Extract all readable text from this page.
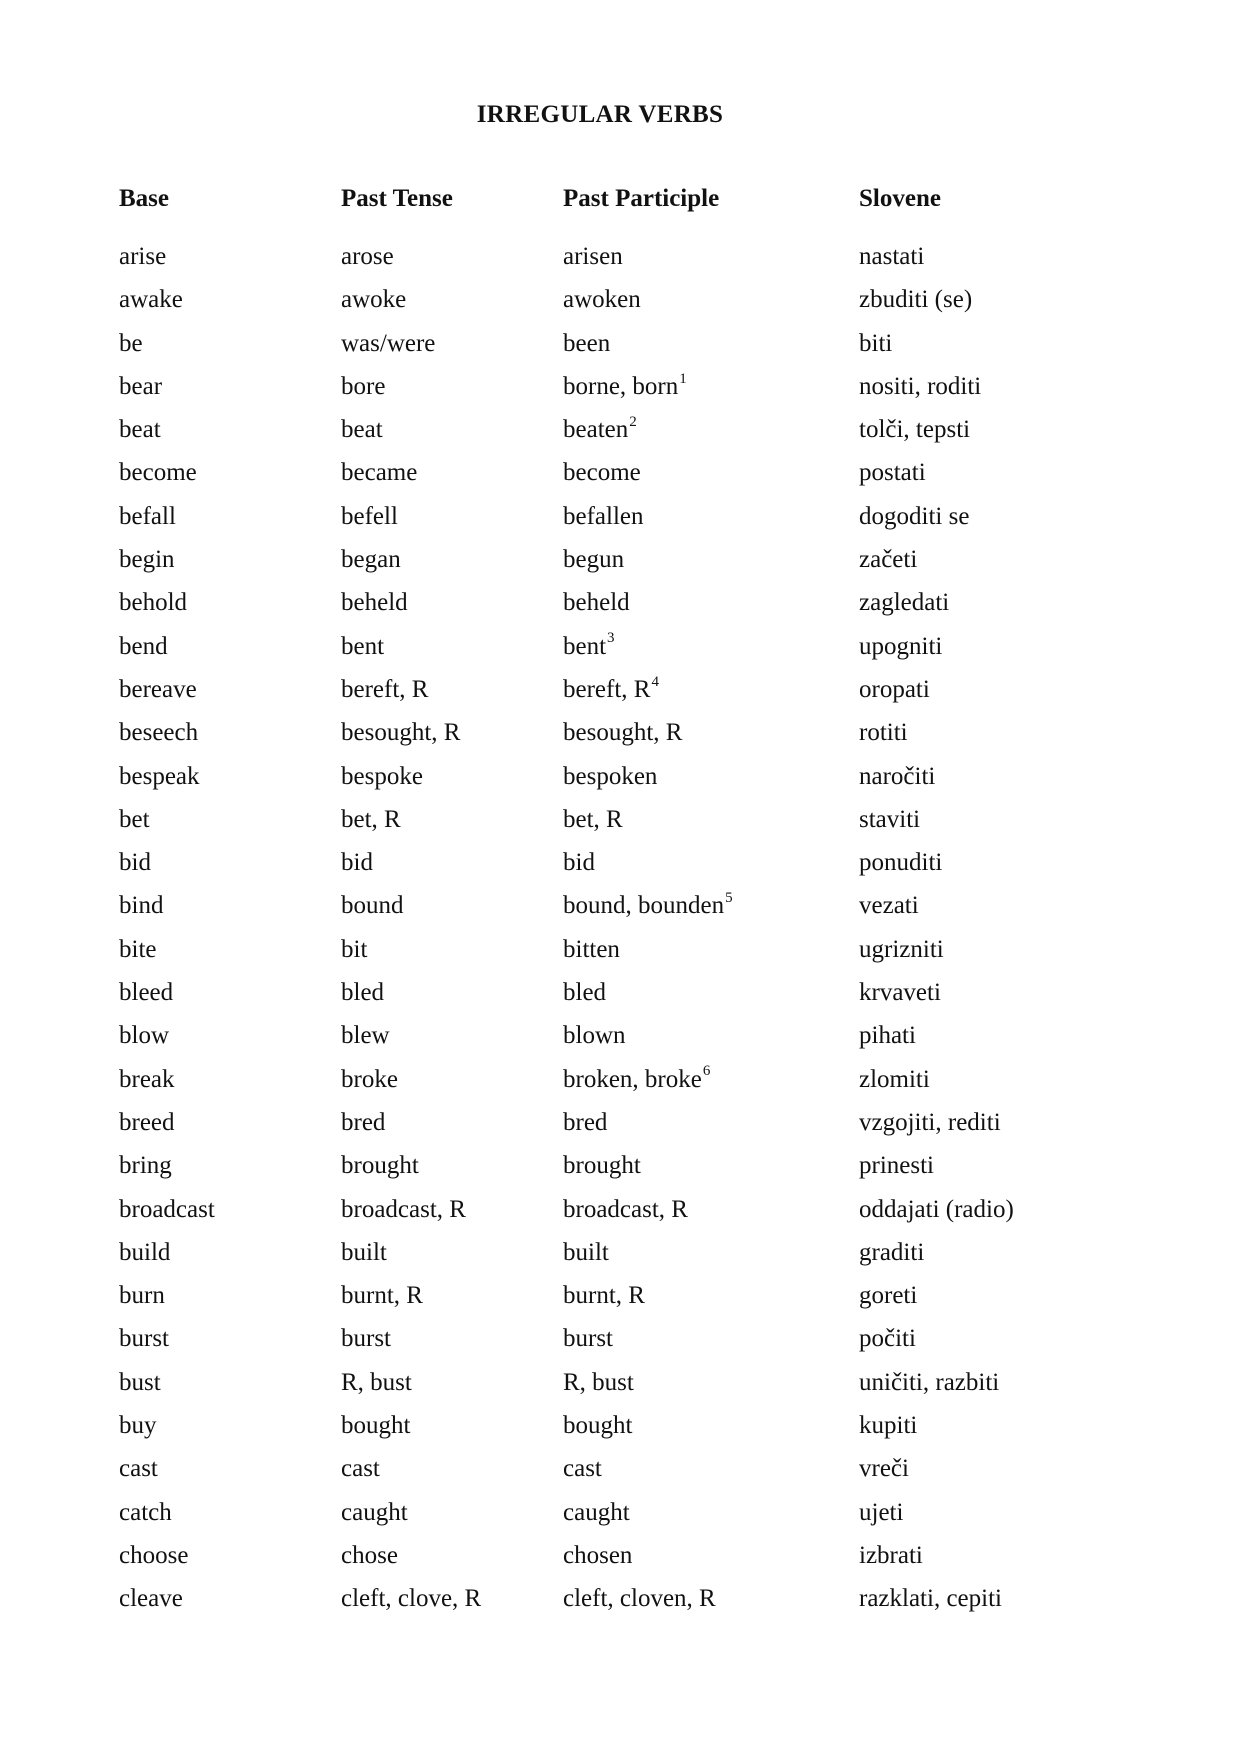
IRREGULAR VERBS
Base	Past Tense	Past Participle	Slovene
arise	arose	arisen	nastati
awake	awoke	awoken	zbuditi (se)
be	was/were	been	biti
bear	bore	borne, born$^1$	nositi, roditi
beat	beat	beaten$^2$	tolči, tepsti
become	became	become	postati
befall	befell	befallen	dogoditi se
begin	began	begun	začeti
behold	beheld	beheld	zagledati
bend	bent	bent$^3$	upogniti
bereave	bereft, R	bereft, $R^4$	oropati
beseech	besought, R	besought, R	rotiti
bespeak	bespoke	bespoken	naročiti
bet	bet, R	bet, R	staviti
bid	bid	bid	ponuditi
bind	bound	bound, bounden$^5$	vezati
bite	bit	bitten	ugrizniti
bleed	bled	bled	krvaveti
blow	blew	blown	pihati
break	broke	broken, broke$^6$	zlomiti
breed	bred	bred	vzgojiti, rediti
bring	brought	brought	prinesti
broadcast	broadcast, R	broadcast, R	oddajati (radio)
build	built	built	graditi
burn	burnt, R	burnt, R	goreti
burst	burst	burst	počiti
bust	R, bust	R, bust	uničiti, razbiti
buy	bought	bought	kupiti
cast	cast	cast	vreči
catch	caught	caught	ujeti
choose	chose	chosen	izbrati
cleave	cleft, clove, R	cleft, cloven, R	razklati, cepiti
